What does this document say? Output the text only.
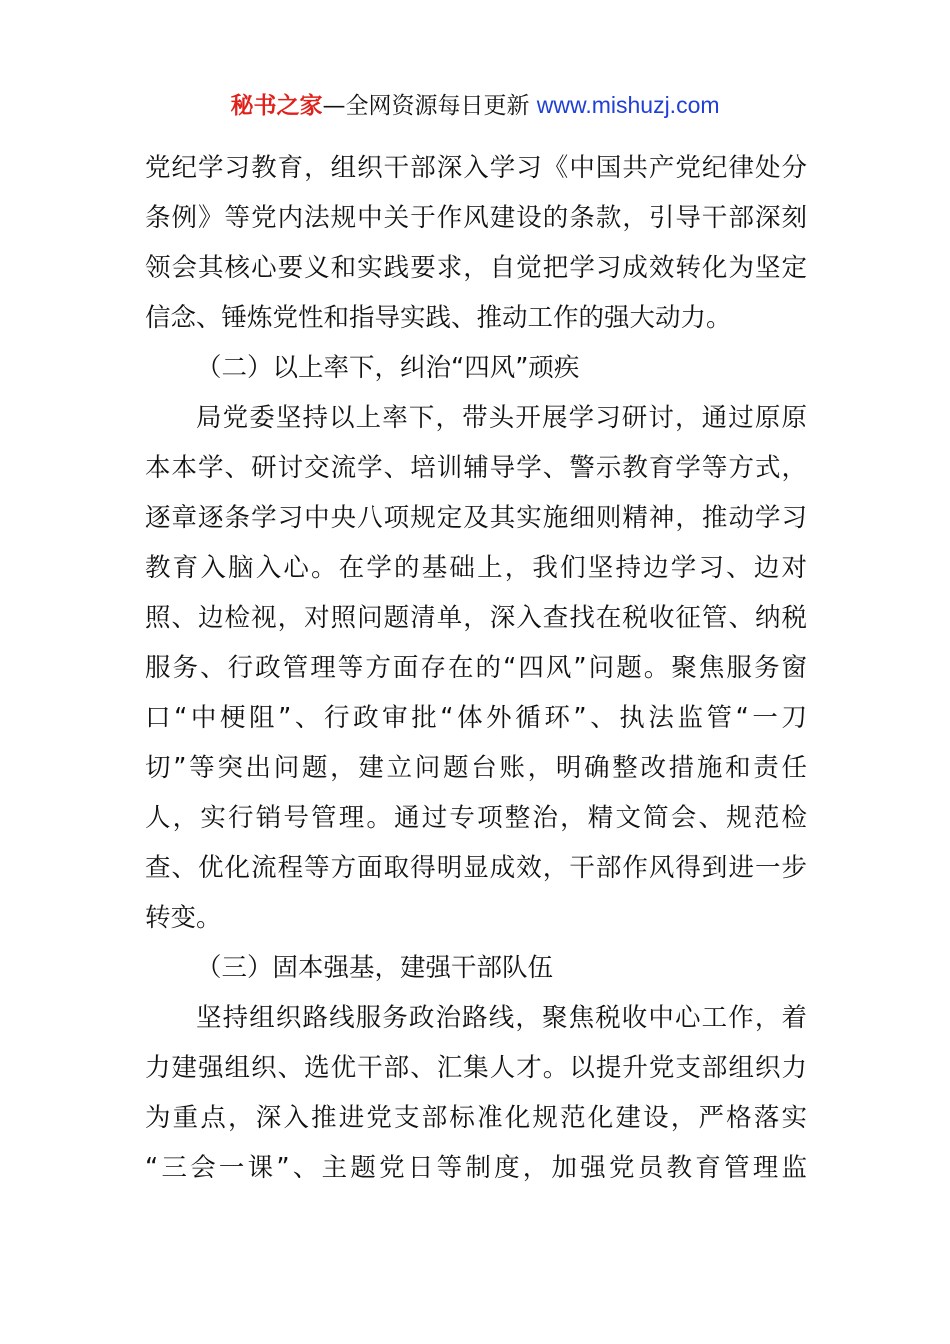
秘书之家—全网资源每日更新 www.mishuzj.com
党纪学习教育，组织干部深入学习《中国共产党纪律处分
条例》等党内法规中关于作风建设的条款，引导干部深刻
领会其核心要义和实践要求，自觉把学习成效转化为坚定
信念、锤炼党性和指导实践、推动工作的强大动力。
（二）以上率下，纠治“四风”顽疾
局党委坚持以上率下，带头开展学习研讨，通过原原
本本学、研讨交流学、培训辅导学、警示教育学等方式，
逐章逐条学习中央八项规定及其实施细则精神，推动学习
教育入脑入心。在学的基础上，我们坚持边学习、边对
照、边检视，对照问题清单，深入查找在税收征管、纳税
服务、行政管理等方面存在的“四风”问题。聚焦服务窗
口“中梗阻”、行政审批“体外循环”、执法监管“一刀
切”等突出问题，建立问题台账，明确整改措施和责任
人，实行销号管理。通过专项整治，精文简会、规范检
查、优化流程等方面取得明显成效，干部作风得到进一步
转变。
（三）固本强基，建强干部队伍
坚持组织路线服务政治路线，聚焦税收中心工作，着
力建强组织、选优干部、汇集人才。以提升党支部组织力
为重点，深入推进党支部标准化规范化建设，严格落实
“三会一课”、主题党日等制度，加强党员教育管理监
